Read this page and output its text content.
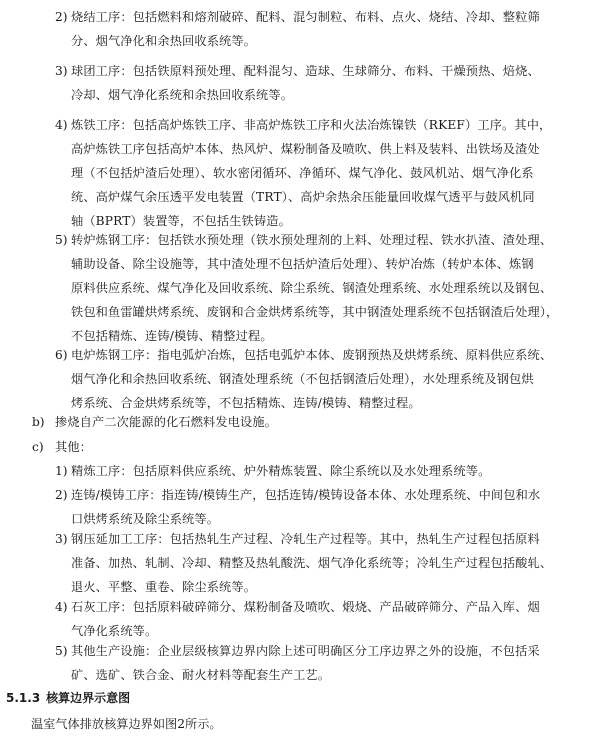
2) 烧结工序：包括燃料和熔剂破碎、配料、混匀制粒、布料、点火、烧结、冷却、整粒筛
分、烟气净化和余热回收系统等。
3) 球团工序：包括铁原料预处理、配料混匀、造球、生球筛分、布料、干燥预热、焙烧、
冷却、烟气净化系统和余热回收系统等。
4) 炼铁工序：包括高炉炼铁工序、非高炉炼铁工序和火法冶炼镍铁（RKEF）工序。其中，
高炉炼铁工序包括高炉本体、热风炉、煤粉制备及喷吹、供上料及装料、出铁场及渣处
理（不包括炉渣后处理）、软水密闭循环、净循环、煤气净化、鼓风机站、烟气净化系
统、高炉煤气余压透平发电装置（TRT）、高炉余热余压能量回收煤气透平与鼓风机同
轴（BPRT）装置等，不包括生铁铸造。
5) 转炉炼钢工序：包括铁水预处理（铁水预处理剂的上料、处理过程、铁水扒渣、渣处理、
辅助设备、除尘设施等，其中渣处理不包括炉渣后处理）、转炉冶炼（转炉本体、炼钢
原料供应系统、煤气净化及回收系统、除尘系统、钢渣处理系统、水处理系统以及钢包、
铁包和鱼雷罐烘烤系统、废钢和合金烘烤系统等，其中钢渣处理系统不包括钢渣后处理），
不包括精炼、连铸/模铸、精整过程。
6) 电炉炼钢工序：指电弧炉冶炼，包括电弧炉本体、废钢预热及烘烤系统、原料供应系统、
烟气净化和余热回收系统、钢渣处理系统（不包括钢渣后处理），水处理系统及钢包烘
烤系统、合金烘烤系统等，不包括精炼、连铸/模铸、精整过程。
b) 掺烧自产二次能源的化石燃料发电设施。
c) 其他：
1) 精炼工序：包括原料供应系统、炉外精炼装置、除尘系统以及水处理系统等。
2) 连铸/模铸工序：指连铸/模铸生产，包括连铸/模铸设备本体、水处理系统、中间包和水
口烘烤系统及除尘系统等。
3) 钢压延加工工序：包括热轧生产过程、冷轧生产过程等。其中，热轧生产过程包括原料
准备、加热、轧制、冷却、精整及热轧酸洗、烟气净化系统等；冷轧生产过程包括酸轧、
退火、平整、重卷、除尘系统等。
4) 石灰工序：包括原料破碎筛分、煤粉制备及喷吹、煅烧、产品破碎筛分、产品入库、烟
气净化系统等。
5) 其他生产设施：企业层级核算边界内除上述可明确区分工序边界之外的设施，不包括采
矿、选矿、铁合金、耐火材料等配套生产工艺。
5.1.3 核算边界示意图
温室气体排放核算边界如图2所示。
